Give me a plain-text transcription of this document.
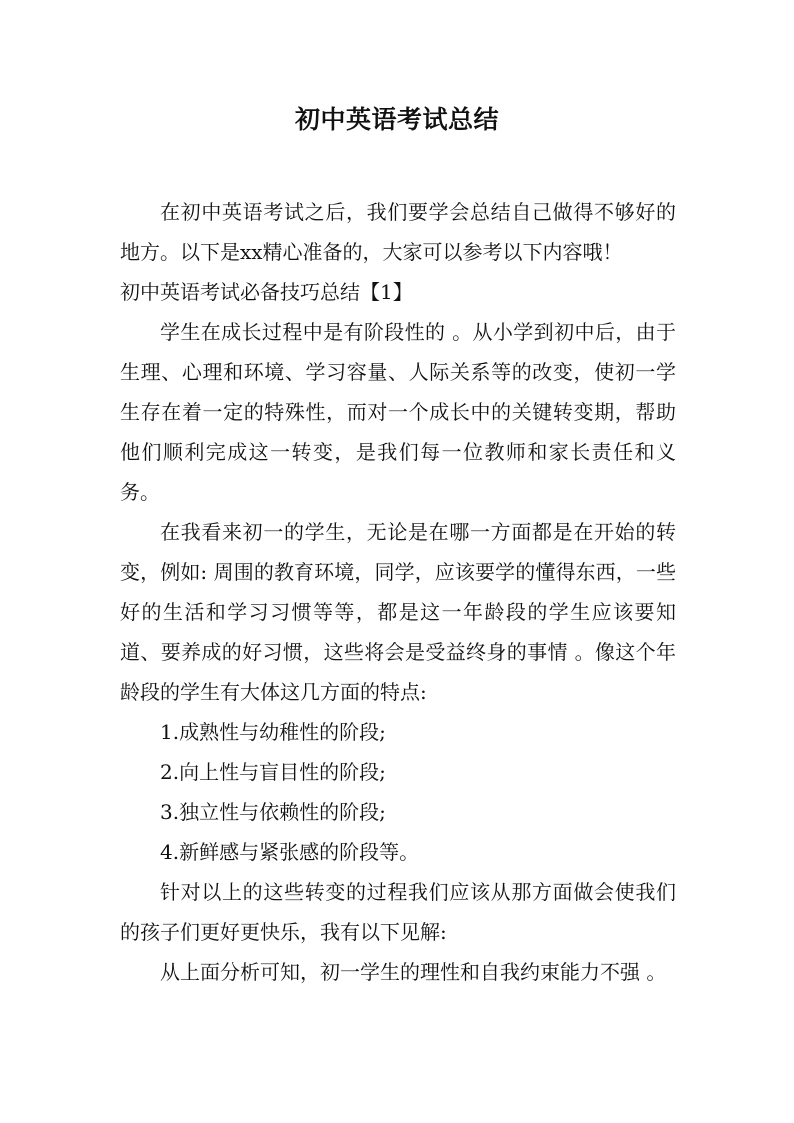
初中英语考试总结

在初中英语考试之后，我们要学会总结自己做得不够好的地方。以下是xx精心准备的，大家可以参考以下内容哦！

初中英语考试必备技巧总结【1】

学生在成长过程中是有阶段性的 。从小学到初中后，由于生理、心理和环境、学习容量、人际关系等的改变，使初一学生存在着一定的特殊性，而对一个成长中的关键转变期，帮助他们顺利完成这一转变，是我们每一位教师和家长责任和义务。

在我看来初一的学生，无论是在哪一方面都是在开始的转变，例如: 周围的教育环境，同学，应该要学的懂得东西，一些好的生活和学习习惯等等，都是这一年龄段的学生应该要知道、要养成的好习惯，这些将会是受益终身的事情 。像这个年龄段的学生有大体这几方面的特点:

1.成熟性与幼稚性的阶段;

2.向上性与盲目性的阶段;

3.独立性与依赖性的阶段;

4.新鲜感与紧张感的阶段等。

针对以上的这些转变的过程我们应该从那方面做会使我们的孩子们更好更快乐，我有以下见解:

从上面分析可知，初一学生的理性和自我约束能力不强 。
